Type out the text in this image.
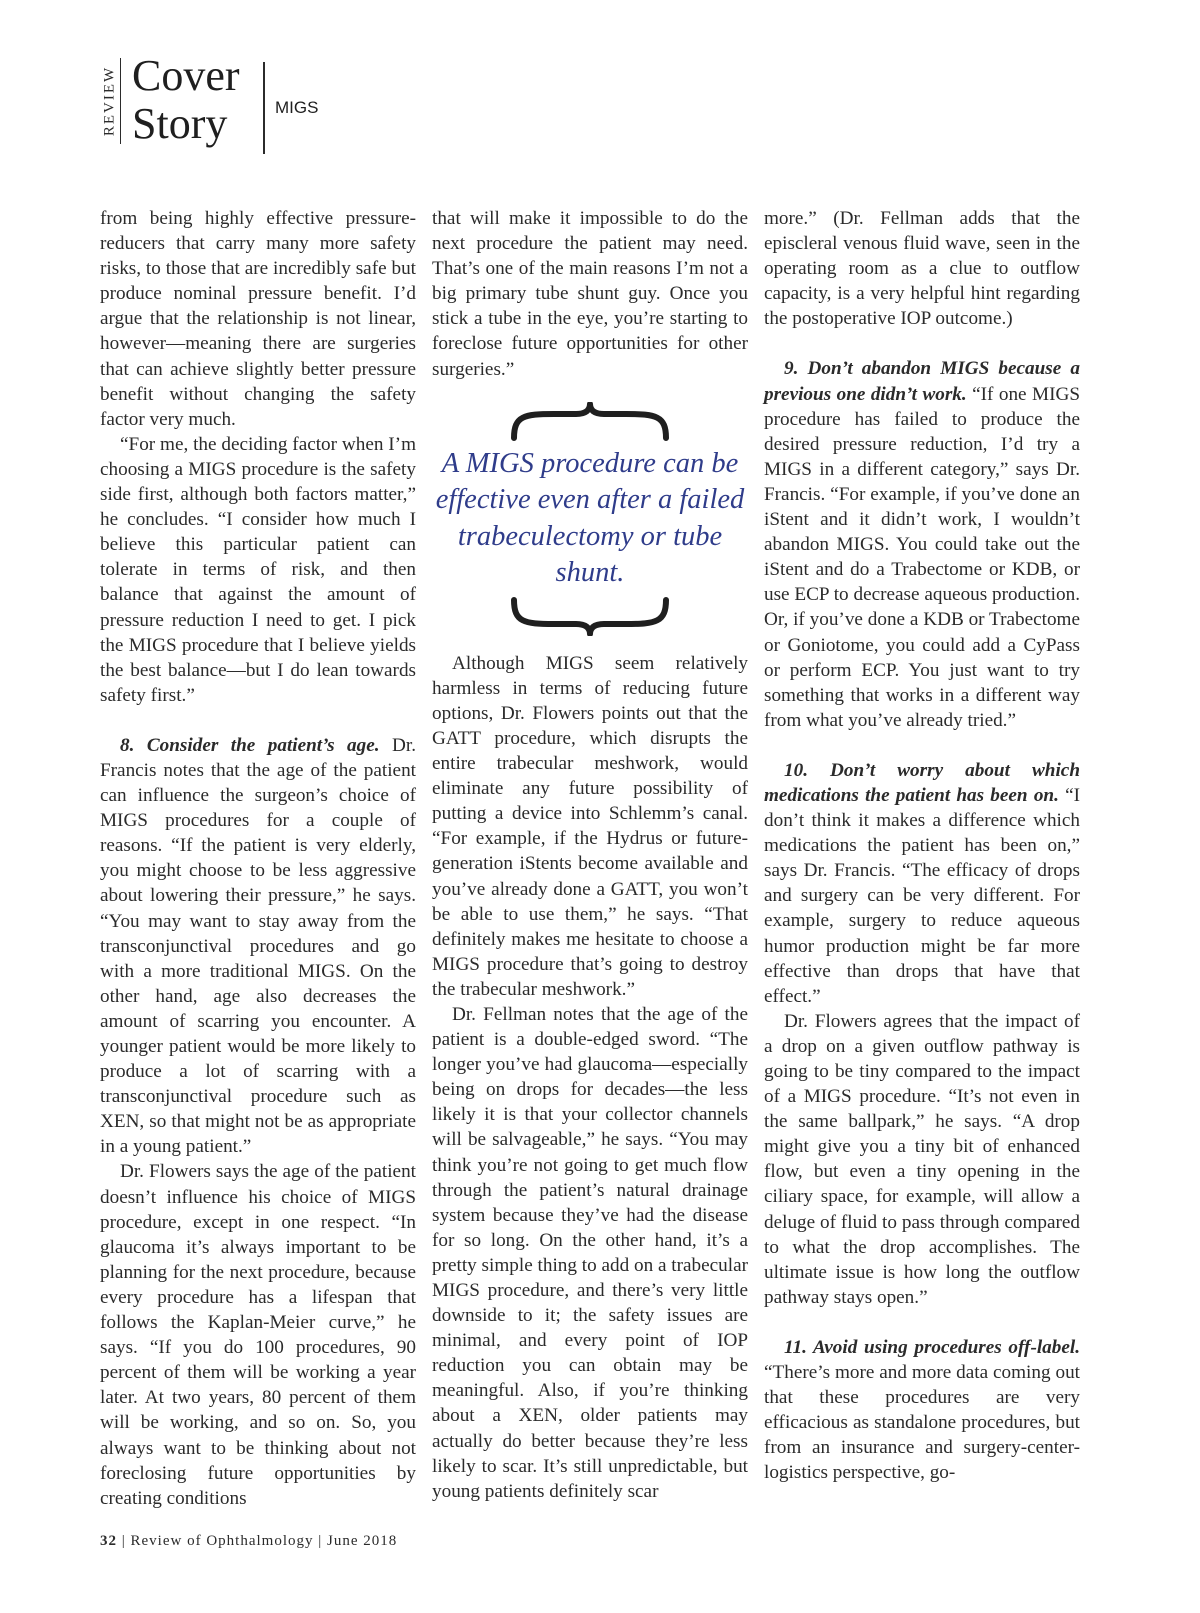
REVIEW Cover
Story	MIGS

from being highly effective pressure-reducers that carry many more safety risks, to those that are incredibly safe but produce nominal pressure benefit. I’d argue that the relationship is not linear, however—meaning there are surgeries that can achieve slightly better pressure benefit without changing the safety factor very much.

“For me, the deciding factor when I’m choosing a MIGS procedure is the safety side first, although both factors matter,” he concludes. “I consider how much I believe this particular patient can tolerate in terms of risk, and then balance that against the amount of pressure reduction I need to get. I pick the MIGS procedure that I believe yields the best balance—but I do lean towards safety first.”

8. Consider the patient’s age. Dr. Francis notes that the age of the patient can influence the surgeon’s choice of MIGS procedures for a couple of reasons. “If the patient is very elderly, you might choose to be less aggressive about lowering their pressure,” he says. “You may want to stay away from the transconjunctival procedures and go with a more traditional MIGS. On the other hand, age also decreases the amount of scarring you encounter. A younger patient would be more likely to produce a lot of scarring with a transconjunctival procedure such as XEN, so that might not be as appropriate in a young patient.”

Dr. Flowers says the age of the patient doesn’t influence his choice of MIGS procedure, except in one respect. “In glaucoma it’s always important to be planning for the next procedure, because every procedure has a lifespan that follows the Kaplan-Meier curve,” he says. “If you do 100 procedures, 90 percent of them will be working a year later. At two years, 80 percent of them will be working, and so on. So, you always want to be thinking about not foreclosing future opportunities by creating conditions

that will make it impossible to do the next procedure the patient may need. That’s one of the main reasons I’m not a big primary tube shunt guy. Once you stick a tube in the eye, you’re starting to foreclose future opportunities for other surgeries.”

A MIGS procedure can be effective even after a failed trabeculectomy or tube shunt.

Although MIGS seem relatively harmless in terms of reducing future options, Dr. Flowers points out that the GATT procedure, which disrupts the entire trabecular meshwork, would eliminate any future possibility of putting a device into Schlemm’s canal. “For example, if the Hydrus or future-generation iStents become available and you’ve already done a GATT, you won’t be able to use them,” he says. “That definitely makes me hesitate to choose a MIGS procedure that’s going to destroy the trabecular meshwork.”

Dr. Fellman notes that the age of the patient is a double-edged sword. “The longer you’ve had glaucoma—especially being on drops for decades—the less likely it is that your collector channels will be salvageable,” he says. “You may think you’re not going to get much flow through the patient’s natural drainage system because they’ve had the disease for so long. On the other hand, it’s a pretty simple thing to add on a trabecular MIGS procedure, and there’s very little downside to it; the safety issues are minimal, and every point of IOP reduction you can obtain may be meaningful. Also, if you’re thinking about a XEN, older patients may actually do better because they’re less likely to scar. It’s still unpredictable, but young patients definitely scar

more.” (Dr. Fellman adds that the episcleral venous fluid wave, seen in the operating room as a clue to outflow capacity, is a very helpful hint regarding the postoperative IOP outcome.)

9. Don’t abandon MIGS because a previous one didn’t work. “If one MIGS procedure has failed to produce the desired pressure reduction, I’d try a MIGS in a different category,” says Dr. Francis. “For example, if you’ve done an iStent and it didn’t work, I wouldn’t abandon MIGS. You could take out the iStent and do a Trabectome or KDB, or use ECP to decrease aqueous production. Or, if you’ve done a KDB or Trabectome or Goniotome, you could add a CyPass or perform ECP. You just want to try something that works in a different way from what you’ve already tried.”

10. Don’t worry about which medications the patient has been on. “I don’t think it makes a difference which medications the patient has been on,” says Dr. Francis. “The efficacy of drops and surgery can be very different. For example, surgery to reduce aqueous humor production might be far more effective than drops that have that effect.”

Dr. Flowers agrees that the impact of a drop on a given outflow pathway is going to be tiny compared to the impact of a MIGS procedure. “It’s not even in the same ballpark,” he says. “A drop might give you a tiny bit of enhanced flow, but even a tiny opening in the ciliary space, for example, will allow a deluge of fluid to pass through compared to what the drop accomplishes. The ultimate issue is how long the outflow pathway stays open.”

11. Avoid using procedures off-label. “There’s more and more data coming out that these procedures are very efficacious as standalone procedures, but from an insurance and surgery-center-logistics perspective, go-

32 | Review of Ophthalmology | June 2018
